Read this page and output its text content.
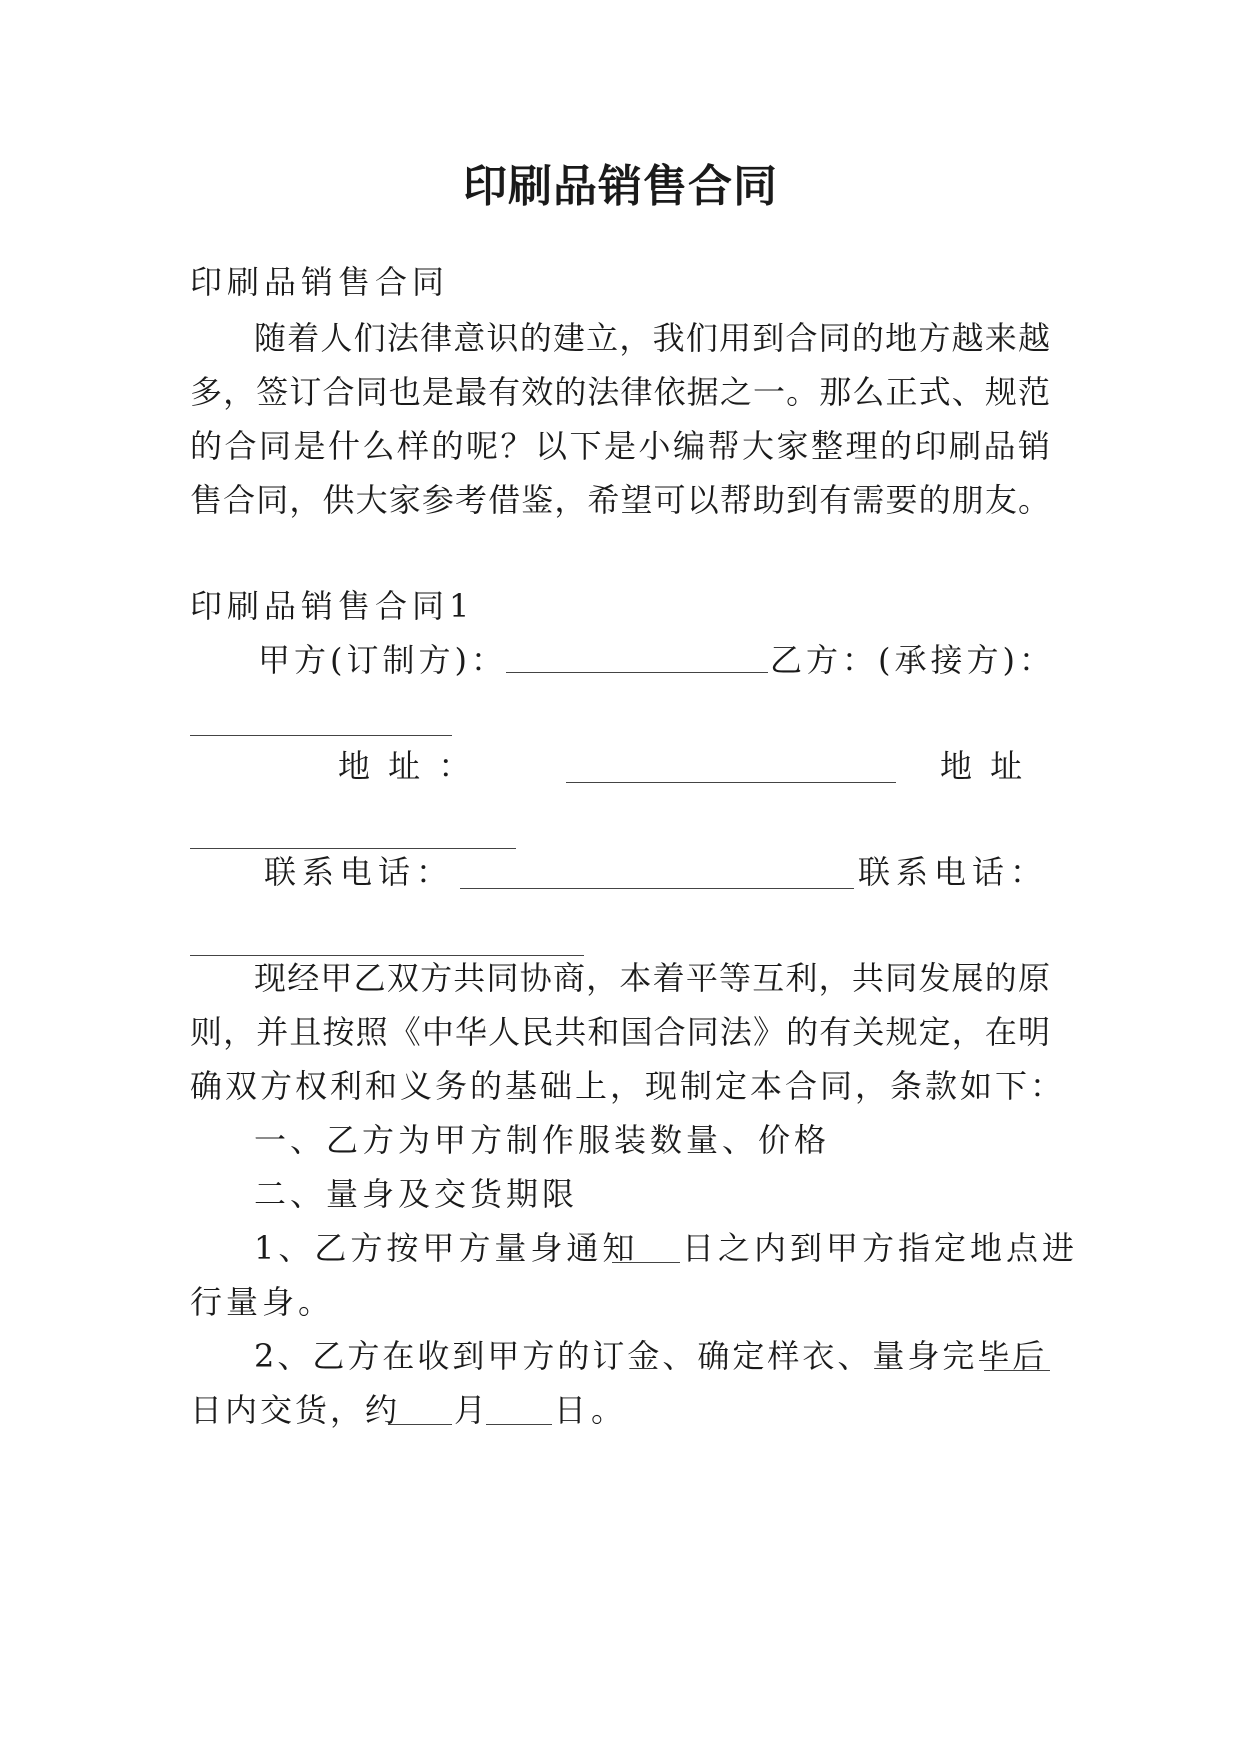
印刷品销售合同
印刷品销售合同
随着人们法律意识的建立，我们用到合同的地方越来越
多，签订合同也是最有效的法律依据之一。那么正式、规范
的合同是什么样的呢？以下是小编帮大家整理的印刷品销
售合同，供大家参考借鉴，希望可以帮助到有需要的朋友。
印刷品销售合同1
甲方(订制方)：	乙方：(承接方)：
地 址 ：	地 址
联系电话：	联系电话：
现经甲乙双方共同协商，本着平等互利，共同发展的原
则，并且按照《中华人民共和国合同法》的有关规定，在明
确双方权利和义务的基础上，现制定本合同，条款如下：
一、乙方为甲方制作服装数量、价格
二、量身及交货期限
1、乙方按甲方量身通知 日之内到甲方指定地点进
行量身。
2、乙方在收到甲方的订金、确定样衣、量身完毕后
日内交货，约 月 日。
